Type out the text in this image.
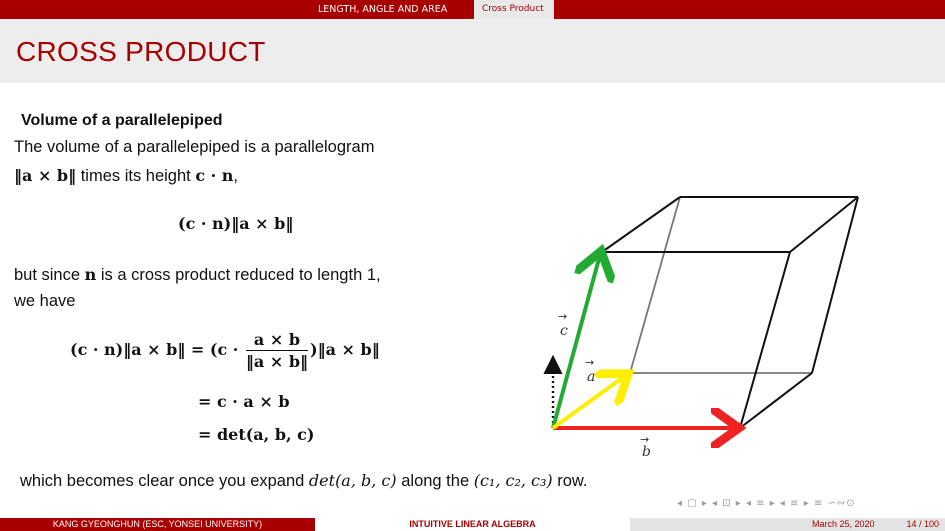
LENGTH, ANGLE AND AREA	Cross Product
CROSS PRODUCT
Volume of a parallelepiped
The volume of a parallelepiped is a parallelogram
‖a × b‖ times its height c · n,
(c · n)‖a × b‖
but since n is a cross product reduced to length 1,
we have
(c · n)‖a × b‖ = ($c \cdot \frac{a \times b}{‖a \times b‖}$ )‖a × b‖
= c · a × b
= det(a, b, c)
which becomes clear once you expand det(a, b, c) along the (c₁, c₂, c₃) row.
→
c
→
a
→
b
◂ ▢ ▸ ◂ ⊡ ▸ ◂ ≡ ▸ ◂ ≡ ▸ ≡ ∽∾⊙
KANG GYEONGHUN (ESC, YONSEI UNIVERSITY)	INTUITIVE LINEAR ALGEBRA	March 25, 2020	14 / 100
